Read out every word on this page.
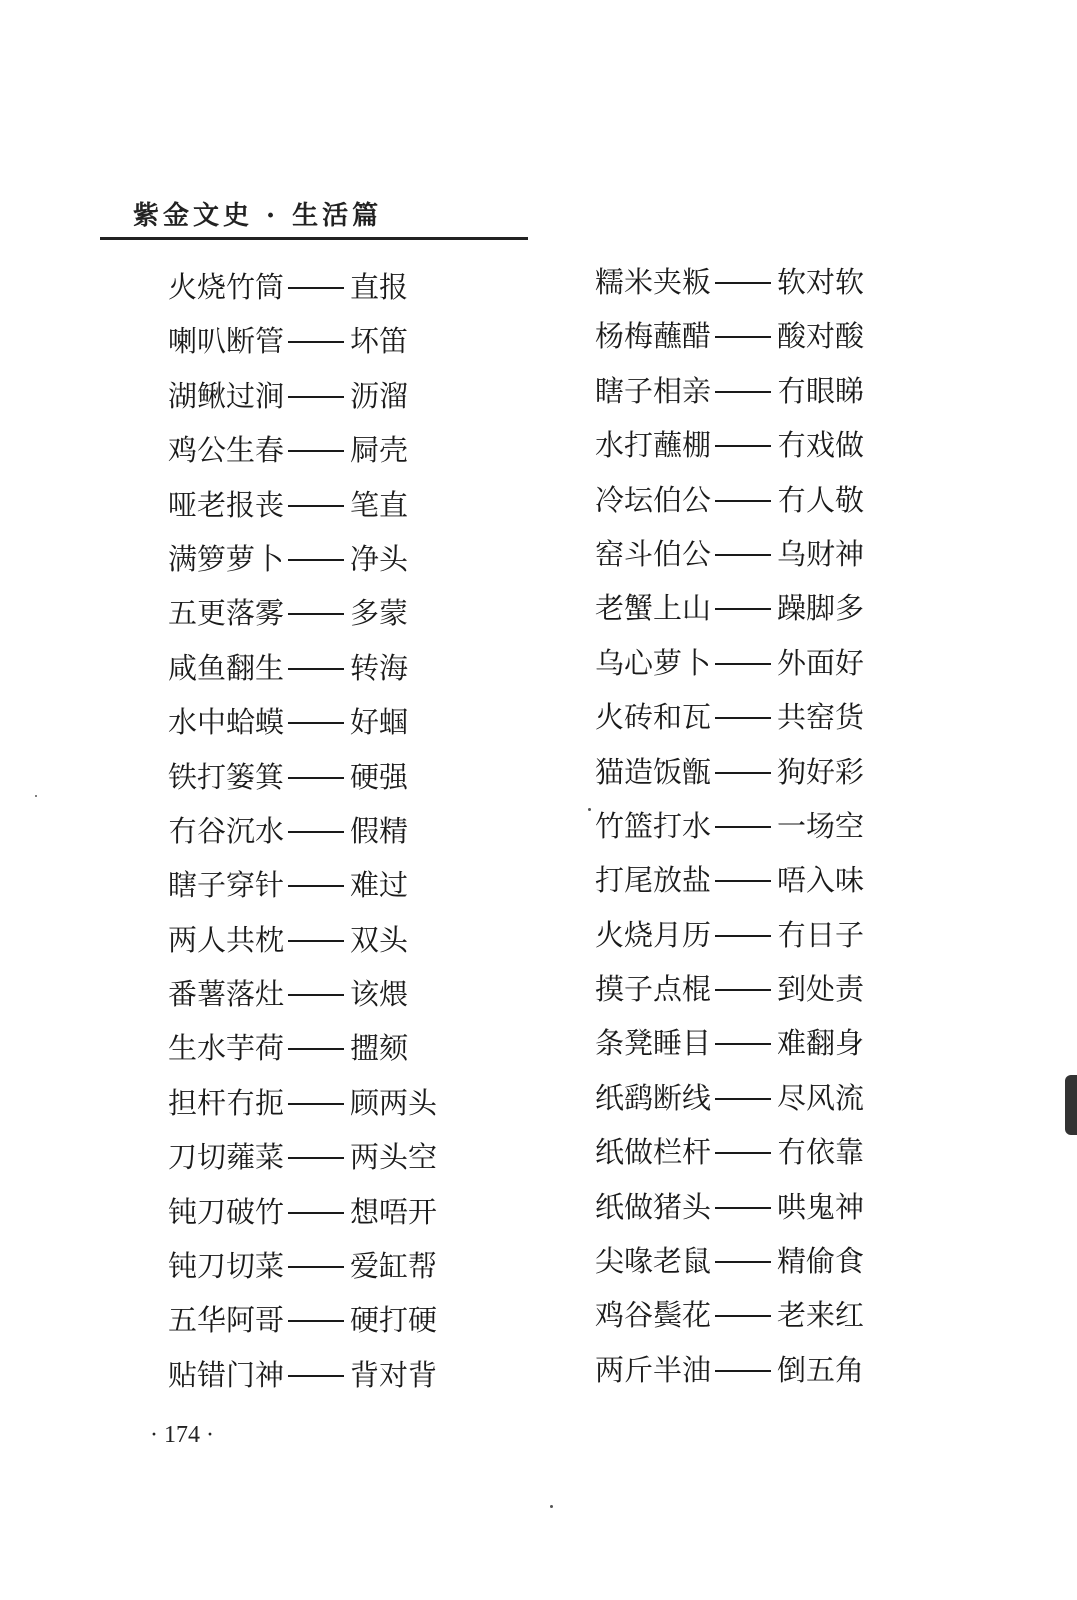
紫金文史 · 生活篇
火烧竹筒 直报
喇叭断管 坏笛
湖鳅过涧 沥溜
鸡公生春 屙壳
哑老报丧 笔直
满箩萝卜 净头
五更落雾 多蒙
咸鱼翻生 转海
水中蛤蟆 好蝈
铁打篓箕 硬强
冇谷沉水 假精
瞎子穿针 难过
两人共枕 双头
番薯落灶 该煨
生水芋荷 擝颏
担杆冇扼 顾两头
刀切蕹菜 两头空
钝刀破竹 想唔开
钝刀切菜 爱缸帮
五华阿哥 硬打硬
贴错门神 背对背
糯米夹粄 软对软
杨梅蘸醋 酸对酸
瞎子相亲 冇眼睇
水打蘸棚 冇戏做
冷坛伯公 冇人敬
窑斗伯公 乌财神
老蟹上山 躁脚多
乌心萝卜 外面好
火砖和瓦 共窑货
猫造饭甑 狗好彩
竹篮打水 一场空
打尾放盐 唔入味
火烧月历 冇日子
摸子点棍 到处责
条凳睡目 难翻身
纸鹞断线 尽风流
纸做栏杆 冇依靠
纸做猪头 哄鬼神
尖喙老鼠 精偷食
鸡谷鬓花 老来红
两斤半油 倒五角
· 174 ·
